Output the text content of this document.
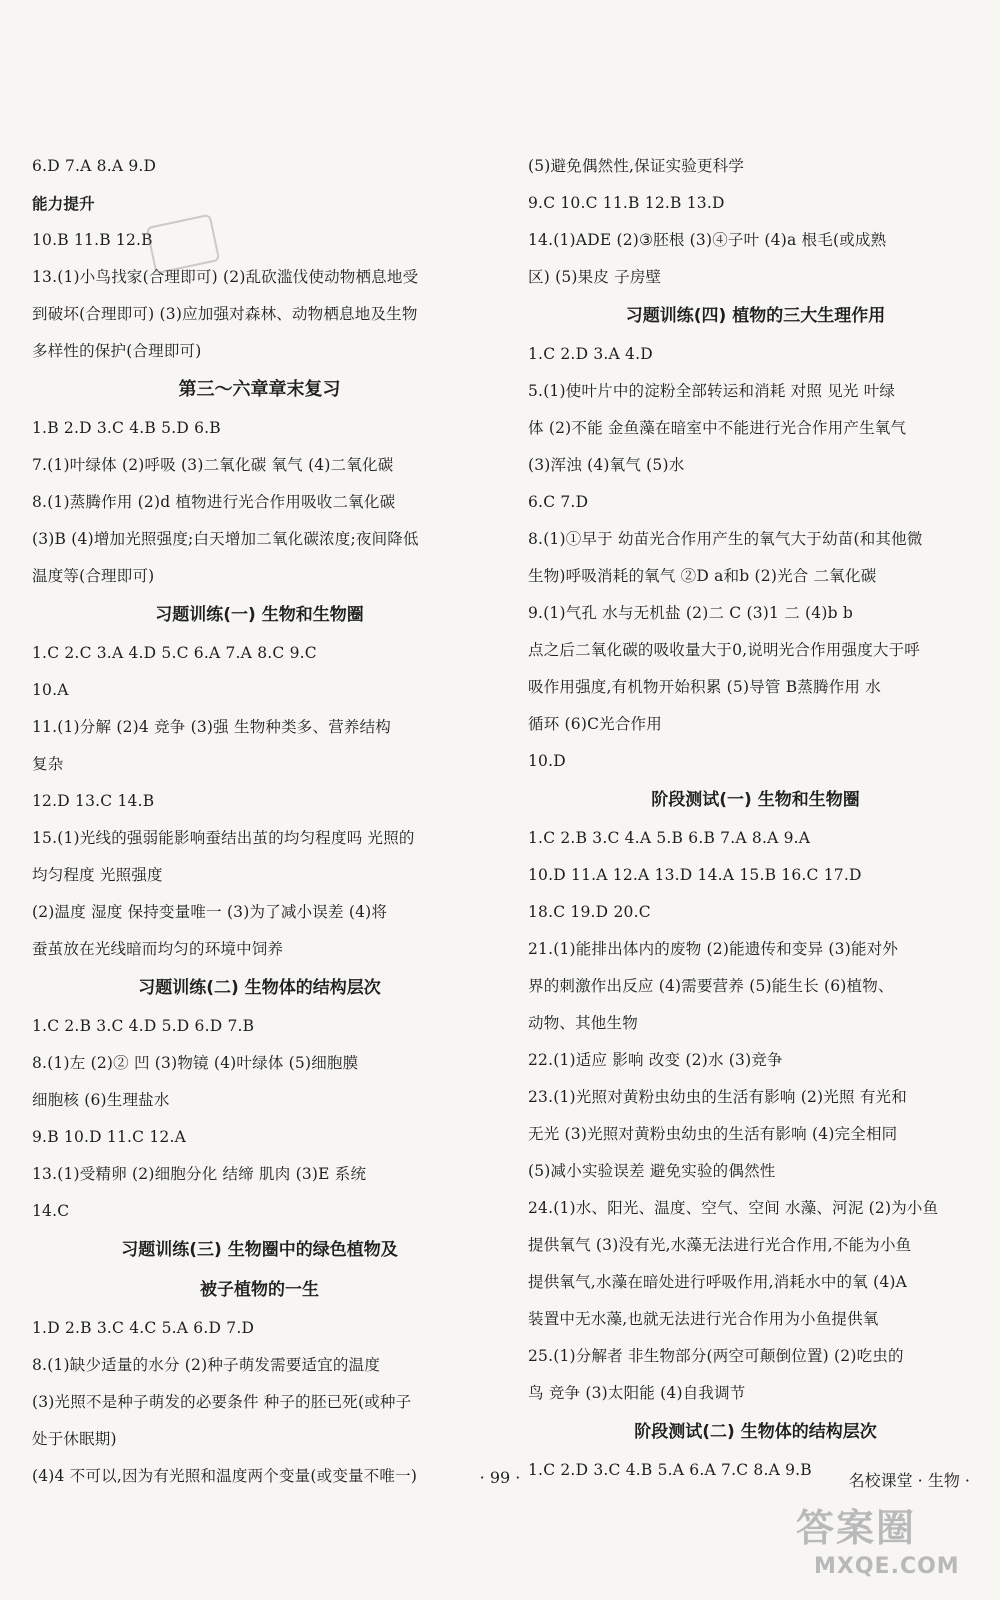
6.D 7.A 8.A 9.D
能力提升
10.B 11.B 12.B
13.(1)小鸟找家(合理即可) (2)乱砍滥伐使动物栖息地受
到破坏(合理即可) (3)应加强对森林、动物栖息地及生物
多样性的保护(合理即可)
第三～六章章末复习
1.B 2.D 3.C 4.B 5.D 6.B
7.(1)叶绿体 (2)呼吸 (3)二氧化碳 氧气 (4)二氧化碳
8.(1)蒸腾作用 (2)d 植物进行光合作用吸收二氧化碳
(3)B (4)增加光照强度;白天增加二氧化碳浓度;夜间降低
温度等(合理即可)
习题训练(一) 生物和生物圈
1.C 2.C 3.A 4.D 5.C 6.A 7.A 8.C 9.C
10.A
11.(1)分解 (2)4 竞争 (3)强 生物种类多、营养结构
复杂
12.D 13.C 14.B
15.(1)光线的强弱能影响蚕结出茧的均匀程度吗 光照的
均匀程度 光照强度
(2)温度 湿度 保持变量唯一 (3)为了减小误差 (4)将
蚕茧放在光线暗而均匀的环境中饲养
习题训练(二) 生物体的结构层次
1.C 2.B 3.C 4.D 5.D 6.D 7.B
8.(1)左 (2)② 凹 (3)物镜 (4)叶绿体 (5)细胞膜
细胞核 (6)生理盐水
9.B 10.D 11.C 12.A
13.(1)受精卵 (2)细胞分化 结缔 肌肉 (3)E 系统
14.C
习题训练(三) 生物圈中的绿色植物及
被子植物的一生
1.D 2.B 3.C 4.C 5.A 6.D 7.D
8.(1)缺少适量的水分 (2)种子萌发需要适宜的温度
(3)光照不是种子萌发的必要条件 种子的胚已死(或种子
处于休眠期)
(4)4 不可以,因为有光照和温度两个变量(或变量不唯一)
(5)避免偶然性,保证实验更科学
9.C 10.C 11.B 12.B 13.D
14.(1)ADE (2)③胚根 (3)④子叶 (4)a 根毛(或成熟
区) (5)果皮 子房壁
习题训练(四) 植物的三大生理作用
1.C 2.D 3.A 4.D
5.(1)使叶片中的淀粉全部转运和消耗 对照 见光 叶绿
体 (2)不能 金鱼藻在暗室中不能进行光合作用产生氧气
(3)浑浊 (4)氧气 (5)水
6.C 7.D
8.(1)①早于 幼苗光合作用产生的氧气大于幼苗(和其他微
生物)呼吸消耗的氧气 ②D a和b (2)光合 二氧化碳
9.(1)气孔 水与无机盐 (2)二 C (3)1 二 (4)b b
点之后二氧化碳的吸收量大于0,说明光合作用强度大于呼
吸作用强度,有机物开始积累 (5)导管 B蒸腾作用 水
循环 (6)C光合作用
10.D
阶段测试(一) 生物和生物圈
1.C 2.B 3.C 4.A 5.B 6.B 7.A 8.A 9.A
10.D 11.A 12.A 13.D 14.A 15.B 16.C 17.D
18.C 19.D 20.C
21.(1)能排出体内的废物 (2)能遗传和变异 (3)能对外
界的刺激作出反应 (4)需要营养 (5)能生长 (6)植物、
动物、其他生物
22.(1)适应 影响 改变 (2)水 (3)竞争
23.(1)光照对黄粉虫幼虫的生活有影响 (2)光照 有光和
无光 (3)光照对黄粉虫幼虫的生活有影响 (4)完全相同
(5)减小实验误差 避免实验的偶然性
24.(1)水、阳光、温度、空气、空间 水藻、河泥 (2)为小鱼
提供氧气 (3)没有光,水藻无法进行光合作用,不能为小鱼
提供氧气,水藻在暗处进行呼吸作用,消耗水中的氧 (4)A
装置中无水藻,也就无法进行光合作用为小鱼提供氧
25.(1)分解者 非生物部分(两空可颠倒位置) (2)吃虫的
鸟 竞争 (3)太阳能 (4)自我调节
阶段测试(二) 生物体的结构层次
1.C 2.D 3.C 4.B 5.A 6.A 7.C 8.A 9.B
· 99 ·	名校课堂 · 生物 ·
答案圈
MXQE.COM
